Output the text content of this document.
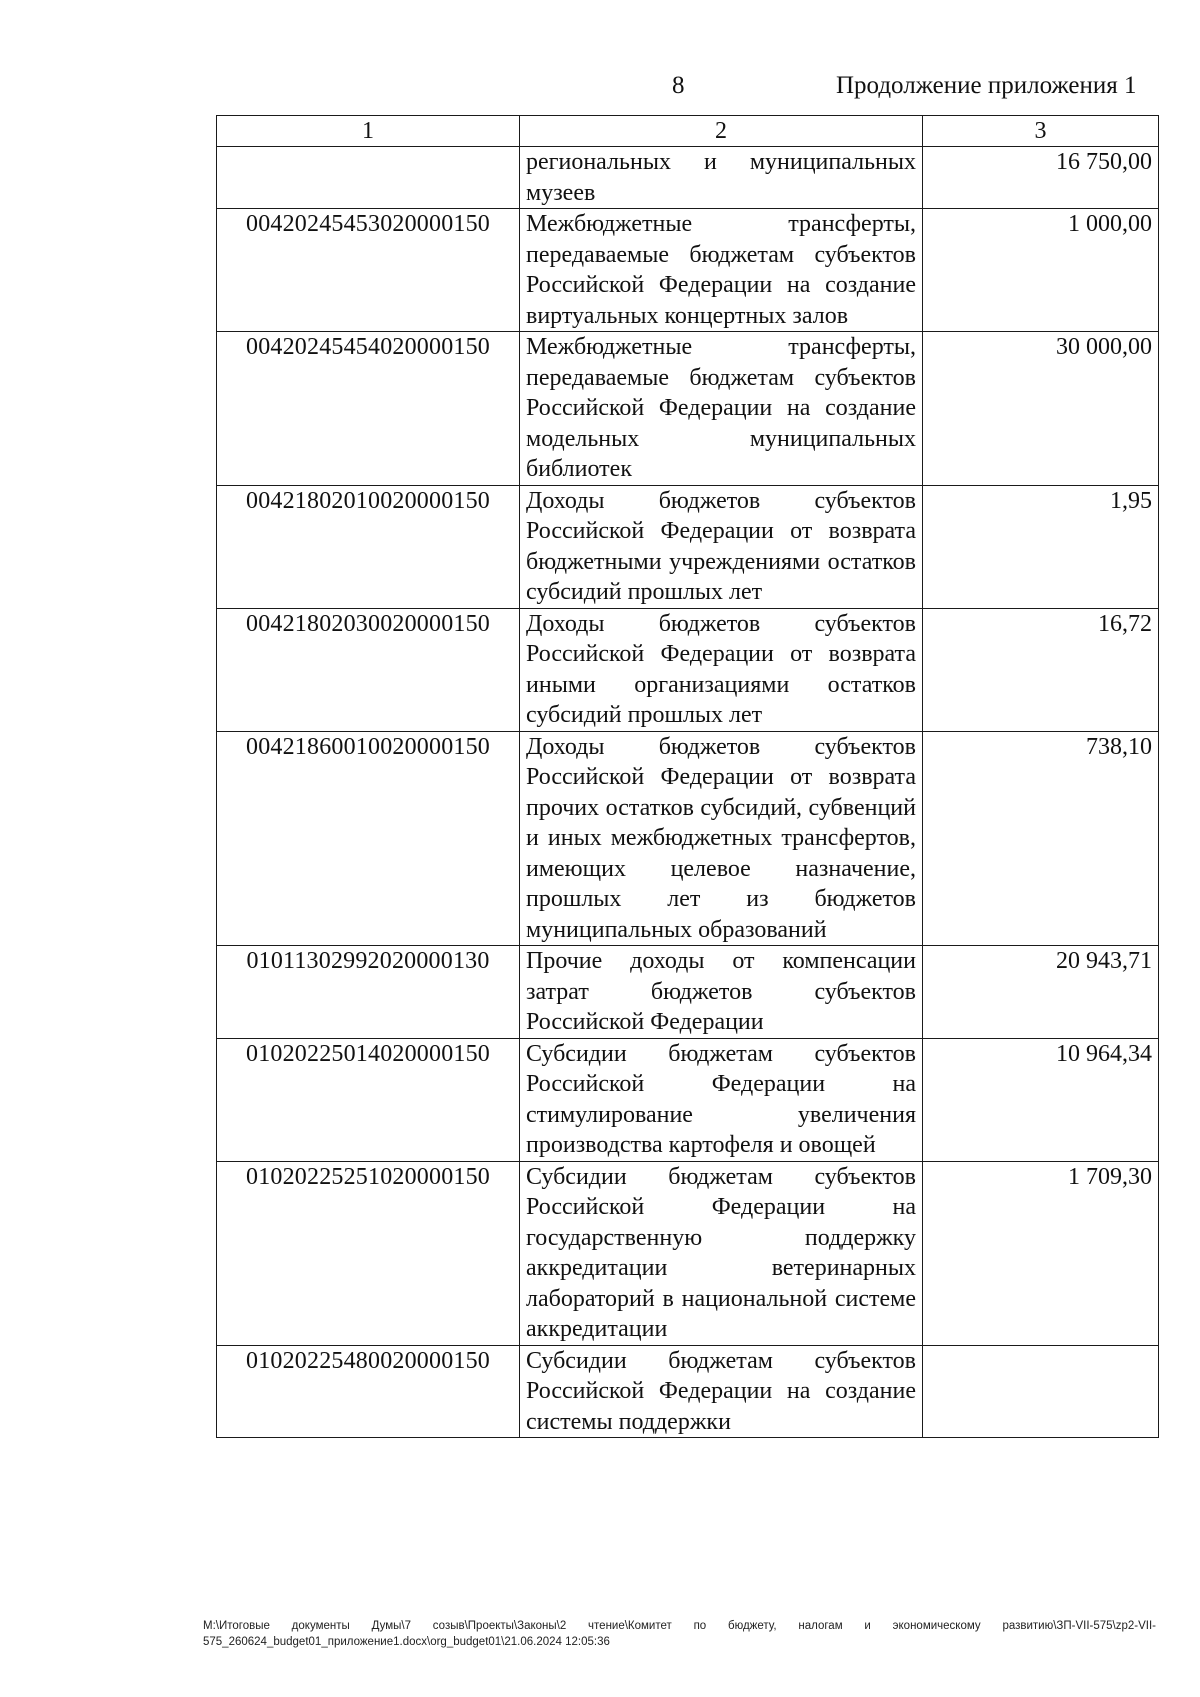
8	Продолжение приложения 1
1	2	3
	региональных и муниципальных музеев	16 750,00
00420245453020000150	Межбюджетные трансферты, передаваемые бюджетам субъектов Российской Федерации на создание виртуальных концертных залов	1 000,00
00420245454020000150	Межбюджетные трансферты, передаваемые бюджетам субъектов Российской Федерации на создание модельных муниципальных библиотек	30 000,00
00421802010020000150	Доходы бюджетов субъектов Российской Федерации от возврата бюджетными учреждениями остатков субсидий прошлых лет	1,95
00421802030020000150	Доходы бюджетов субъектов Российской Федерации от возврата иными организациями остатков субсидий прошлых лет	16,72
00421860010020000150	Доходы бюджетов субъектов Российской Федерации от возврата прочих остатков субсидий, субвенций и иных межбюджетных трансфертов, имеющих целевое назначение, прошлых лет из бюджетов муниципальных образований	738,10
01011302992020000130	Прочие доходы от компенсации затрат бюджетов субъектов Российской Федерации	20 943,71
01020225014020000150	Субсидии бюджетам субъектов Российской Федерации на стимулирование увеличения производства картофеля и овощей	10 964,34
01020225251020000150	Субсидии бюджетам субъектов Российской Федерации на государственную поддержку аккредитации ветеринарных лабораторий в национальной системе аккредитации	1 709,30
01020225480020000150	Субсидии бюджетам субъектов Российской Федерации на создание системы поддержки	
M:\Итоговые документы Думы\7 созыв\Проекты\Законы\2 чтение\Комитет по бюджету, налогам и экономическому развитию\ЗП-VII-575\zp2-VII-575_260624_budget01_приложение1.docx\org_budget01\21.06.2024 12:05:36
